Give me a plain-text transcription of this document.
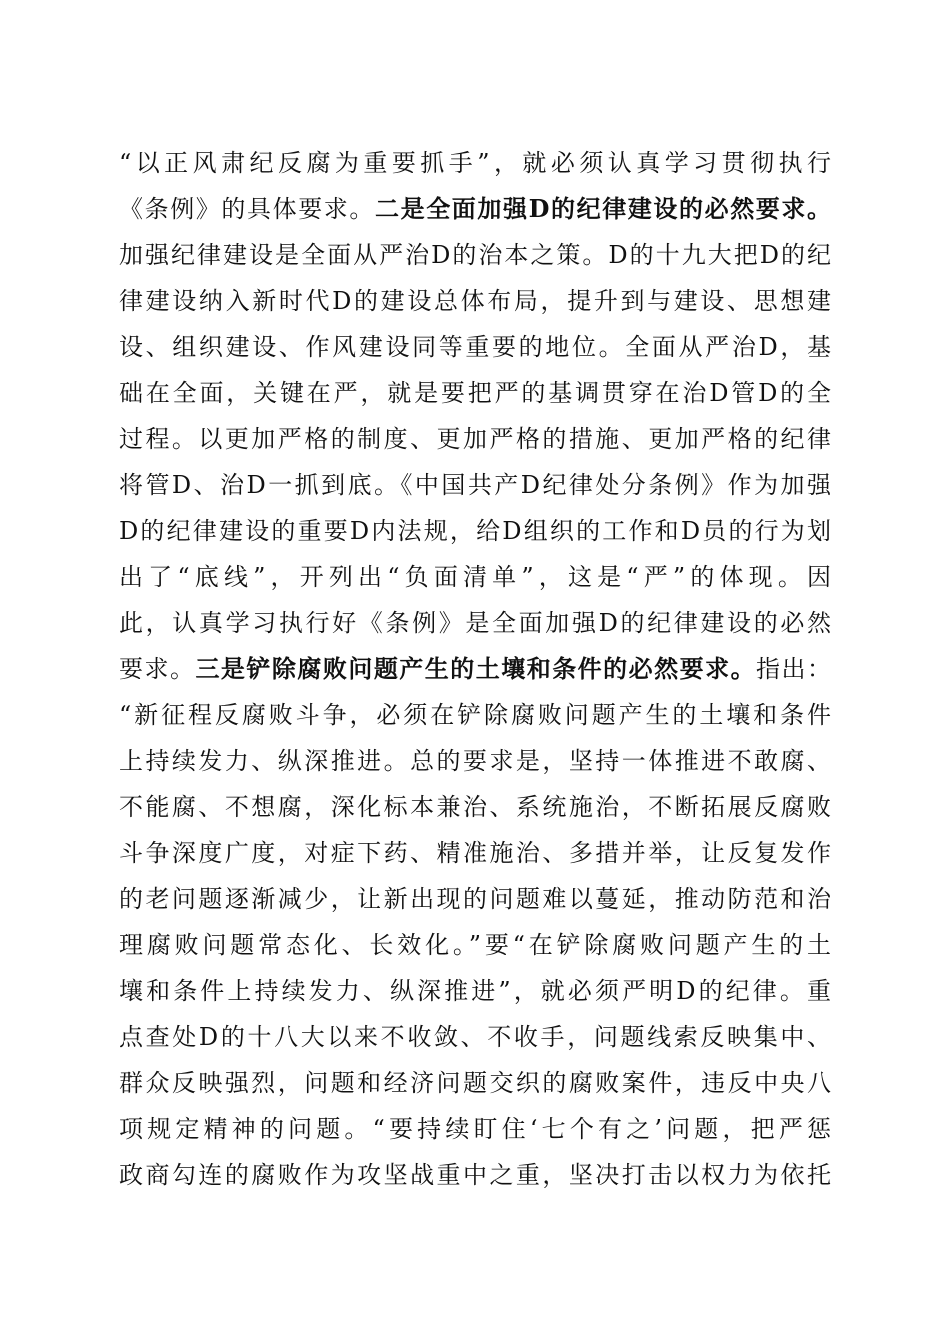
“以正风肃纪反腐为重要抓手”，就必须认真学习贯彻执行
《条例》的具体要求。二是全面加强D的纪律建设的必然要求。
加强纪律建设是全面从严治D的治本之策。D的十九大把D的纪
律建设纳入新时代D的建设总体布局，提升到与建设、思想建
设、组织建设、作风建设同等重要的地位。全面从严治D，基
础在全面，关键在严，就是要把严的基调贯穿在治D管D的全
过程。以更加严格的制度、更加严格的措施、更加严格的纪律
将管D、治D一抓到底。《中国共产D纪律处分条例》作为加强
D的纪律建设的重要D内法规，给D组织的工作和D员的行为划
出了“底线”，开列出“负面清单”，这是“严”的体现。因
此，认真学习执行好《条例》是全面加强D的纪律建设的必然
要求。三是铲除腐败问题产生的土壤和条件的必然要求。指出：
“新征程反腐败斗争，必须在铲除腐败问题产生的土壤和条件
上持续发力、纵深推进。总的要求是，坚持一体推进不敢腐、
不能腐、不想腐，深化标本兼治、系统施治，不断拓展反腐败
斗争深度广度，对症下药、精准施治、多措并举，让反复发作
的老问题逐渐减少，让新出现的问题难以蔓延，推动防范和治
理腐败问题常态化、长效化。”要“在铲除腐败问题产生的土
壤和条件上持续发力、纵深推进”，就必须严明D的纪律。重
点查处D的十八大以来不收敛、不收手，问题线索反映集中、
群众反映强烈，问题和经济问题交织的腐败案件，违反中央八
项规定精神的问题。“要持续盯住‘七个有之’问题，把严惩
政商勾连的腐败作为攻坚战重中之重，坚决打击以权力为依托
